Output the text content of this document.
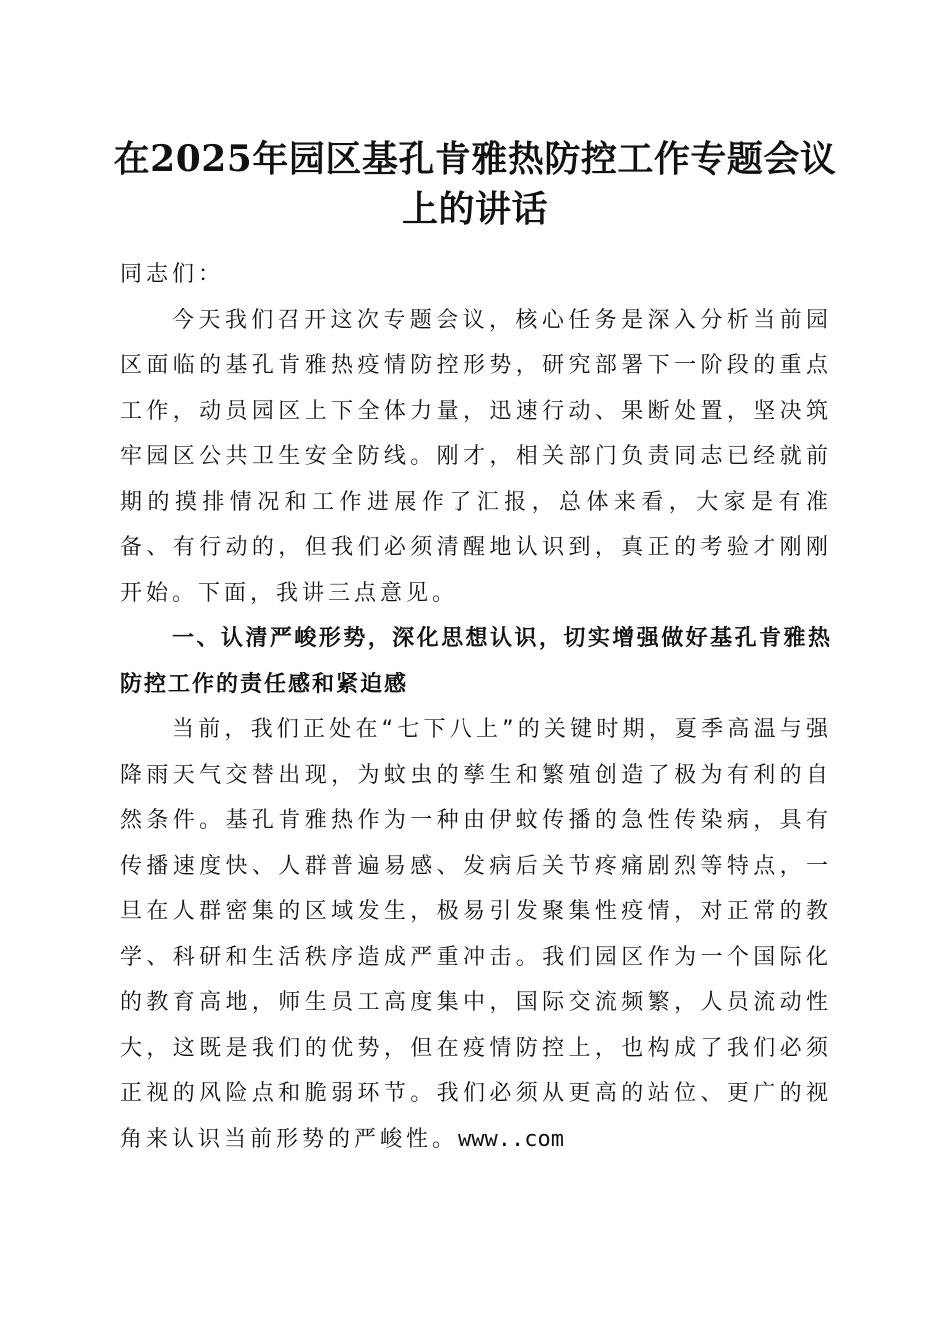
在2025年园区基孔肯雅热防控工作专题会议
上的讲话

同志们：

今天我们召开这次专题会议，核心任务是深入分析当前园区面临的基孔肯雅热疫情防控形势，研究部署下一阶段的重点工作，动员园区上下全体力量，迅速行动、果断处置，坚决筑牢园区公共卫生安全防线。刚才，相关部门负责同志已经就前期的摸排情况和工作进展作了汇报，总体来看，大家是有准备、有行动的，但我们必须清醒地认识到，真正的考验才刚刚开始。下面，我讲三点意见。

一、认清严峻形势，深化思想认识，切实增强做好基孔肯雅热防控工作的责任感和紧迫感

当前，我们正处在“七下八上”的关键时期，夏季高温与强降雨天气交替出现，为蚊虫的孳生和繁殖创造了极为有利的自然条件。基孔肯雅热作为一种由伊蚊传播的急性传染病，具有传播速度快、人群普遍易感、发病后关节疼痛剧烈等特点，一旦在人群密集的区域发生，极易引发聚集性疫情，对正常的教学、科研和生活秩序造成严重冲击。我们园区作为一个国际化的教育高地，师生员工高度集中，国际交流频繁，人员流动性大，这既是我们的优势，但在疫情防控上，也构成了我们必须正视的风险点和脆弱环节。我们必须从更高的站位、更广的视角来认识当前形势的严峻性。www..com
